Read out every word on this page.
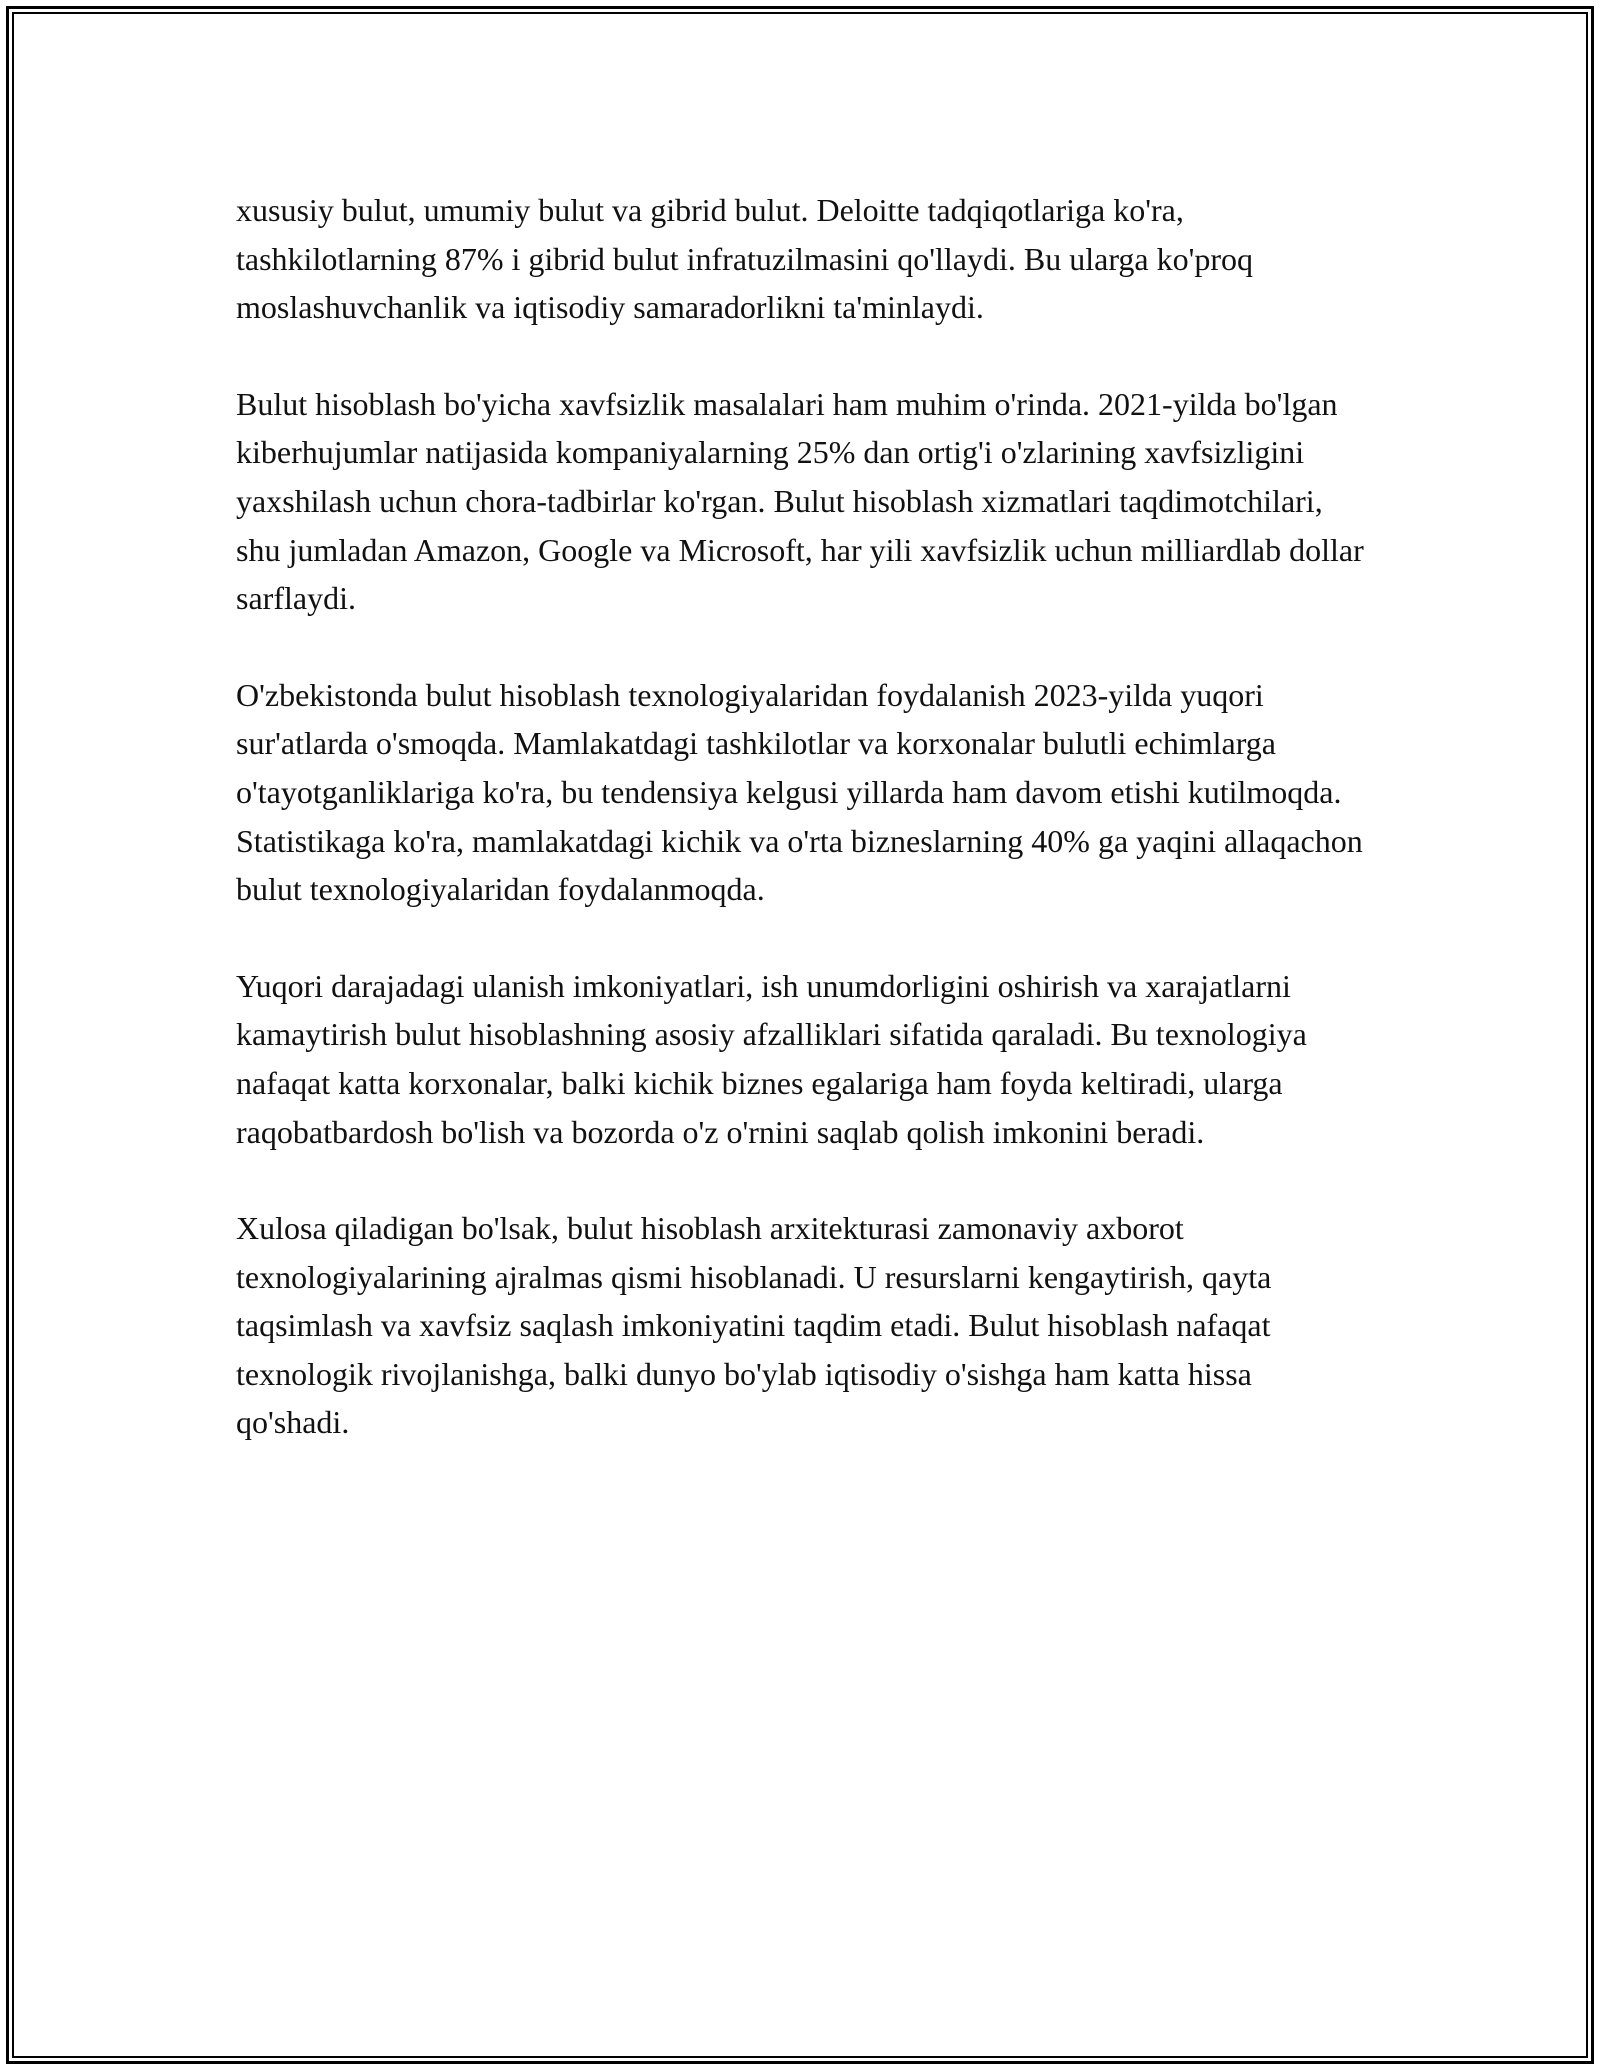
xususiy bulut, umumiy bulut va gibrid bulut. Deloitte tadqiqotlariga ko'ra, tashkilotlarning 87% i gibrid bulut infratuzilmasini qo'llaydi. Bu ularga ko'proq moslashuvchanlik va iqtisodiy samaradorlikni ta'minlaydi.

Bulut hisoblash bo'yicha xavfsizlik masalalari ham muhim o'rinda. 2021-yilda bo'lgan kiberhujumlar natijasida kompaniyalarning 25% dan ortig'i o'zlarining xavfsizligini yaxshilash uchun chora-tadbirlar ko'rgan. Bulut hisoblash xizmatlari taqdimotchilari, shu jumladan Amazon, Google va Microsoft, har yili xavfsizlik uchun milliardlab dollar sarflaydi.

O'zbekistonda bulut hisoblash texnologiyalaridan foydalanish 2023-yilda yuqori sur'atlarda o'smoqda. Mamlakatdagi tashkilotlar va korxonalar bulutli echimlarga o'tayotganliklariga ko'ra, bu tendensiya kelgusi yillarda ham davom etishi kutilmoqda. Statistikaga ko'ra, mamlakatdagi kichik va o'rta bizneslarning 40% ga yaqini allaqachon bulut texnologiyalaridan foydalanmoqda.

Yuqori darajadagi ulanish imkoniyatlari, ish unumdorligini oshirish va xarajatlarni kamaytirish bulut hisoblashning asosiy afzalliklari sifatida qaraladi. Bu texnologiya nafaqat katta korxonalar, balki kichik biznes egalariga ham foyda keltiradi, ularga raqobatbardosh bo'lish va bozorda o'z o'rnini saqlab qolish imkonini beradi.

Xulosa qiladigan bo'lsak, bulut hisoblash arxitekturasi zamonaviy axborot texnologiyalarining ajralmas qismi hisoblanadi. U resurslarni kengaytirish, qayta taqsimlash va xavfsiz saqlash imkoniyatini taqdim etadi. Bulut hisoblash nafaqat texnologik rivojlanishga, balki dunyo bo'ylab iqtisodiy o'sishga ham katta hissa qo'shadi.
